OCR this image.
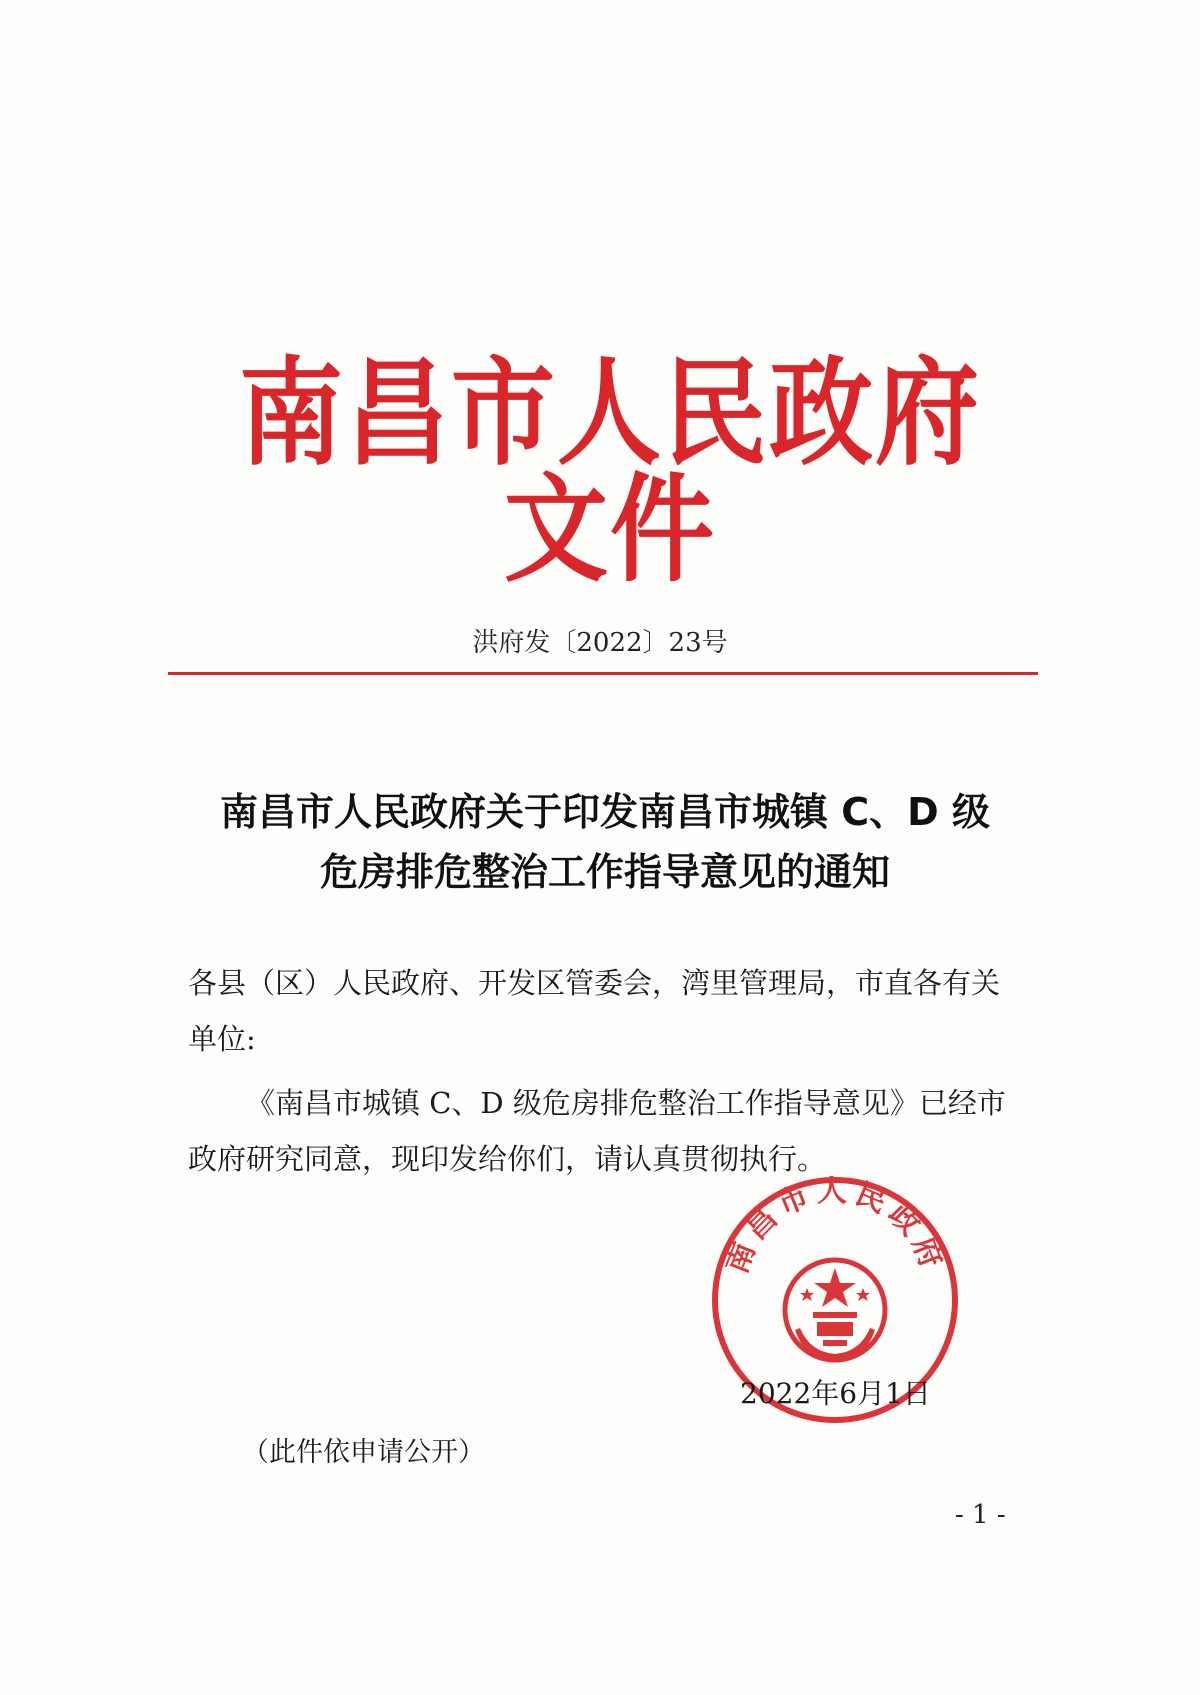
南昌市人民政府文件
洪府发〔2022〕23号
南昌市人民政府关于印发南昌市城镇 C、D 级
危房排危整治工作指导意见的通知
各县（区）人民政府、开发区管委会，湾里管理局，市直各有关
单位:
《南昌市城镇 C、D 级危房排危整治工作指导意见》已经市
政府研究同意，现印发给你们，请认真贯彻执行。
南昌市人民政府
2022年6月1日
（此件依申请公开）
- 1 -
